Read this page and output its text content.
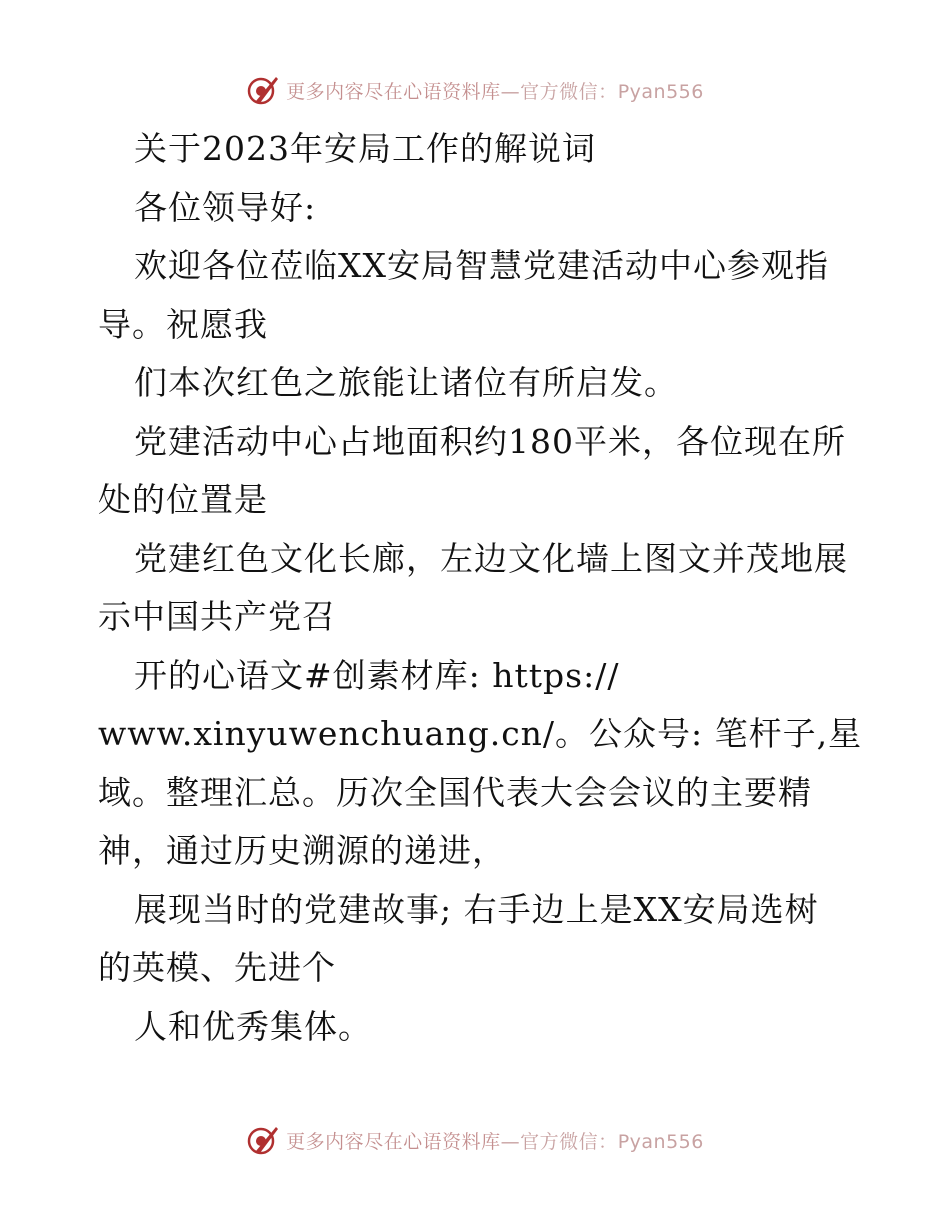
更多内容尽在心语资料库—官方微信：Pyan556
关于2023年安局工作的解说词
各位领导好:
欢迎各位莅临XX安局智慧党建活动中心参观指
导。祝愿我
们本次红色之旅能让诸位有所启发。
党建活动中心占地面积约180平米，各位现在所
处的位置是
党建红色文化长廊，左边文化墙上图文并茂地展
示中国共产党召
开的心语文#创素材库: https://
www.xinyuwenchuang.cn/。公众号: 笔杆子,星
域。整理汇总。历次全国代表大会会议的主要精
神，通过历史溯源的递进，
展现当时的党建故事; 右手边上是XX安局选树
的英模、先进个
人和优秀集体。
更多内容尽在心语资料库—官方微信：Pyan556
